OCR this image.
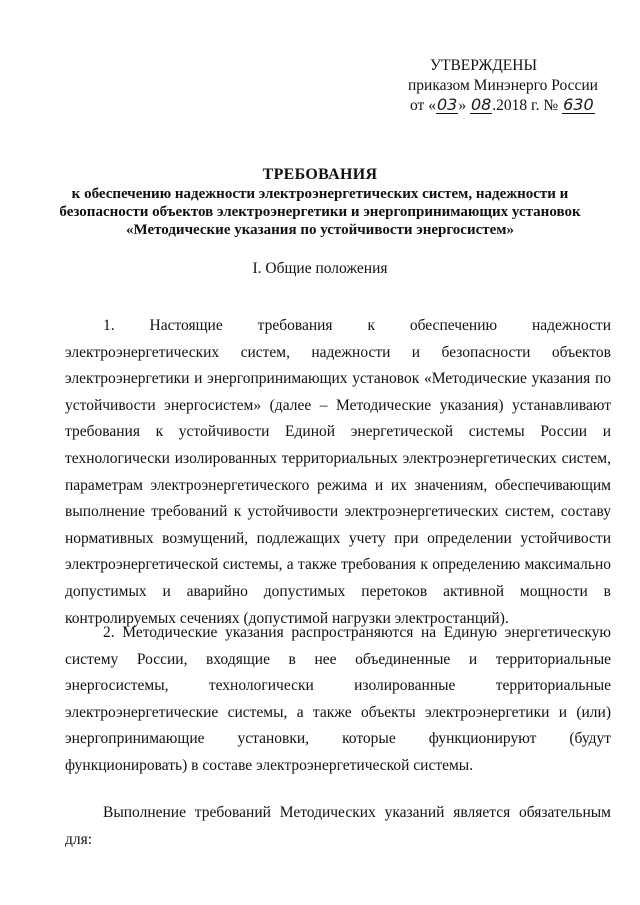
УТВЕРЖДЕНЫ
приказом Минэнерго России
от «03» 08.2018 г. № 630
ТРЕБОВАНИЯ
к обеспечению надежности электроэнергетических систем, надежности и
безопасности объектов электроэнергетики и энергопринимающих установок
«Методические указания по устойчивости энергосистем»
I. Общие положения

1. Настоящие требования к обеспечению надежности электроэнергетических систем, надежности и безопасности объектов электроэнергетики и энергопринимающих установок «Методические указания по устойчивости энергосистем» (далее – Методические указания) устанавливают требования к устойчивости Единой энергетической системы России и технологически изолированных территориальных электроэнергетических систем, параметрам электроэнергетического режима и их значениям, обеспечивающим выполнение требований к устойчивости электроэнергетических систем, составу нормативных возмущений, подлежащих учету при определении устойчивости электроэнергетической системы, а также требования к определению максимально допустимых и аварийно допустимых перетоков активной мощности в контролируемых сечениях (допустимой нагрузки электростанций).

2. Методические указания распространяются на Единую энергетическую систему России, входящие в нее объединенные и территориальные энергосистемы, технологически изолированные территориальные электроэнергетические системы, а также объекты электроэнергетики и (или) энергопринимающие установки, которые функционируют (будут функционировать) в составе электроэнергетической системы.

Выполнение требований Методических указаний является обязательным для:
